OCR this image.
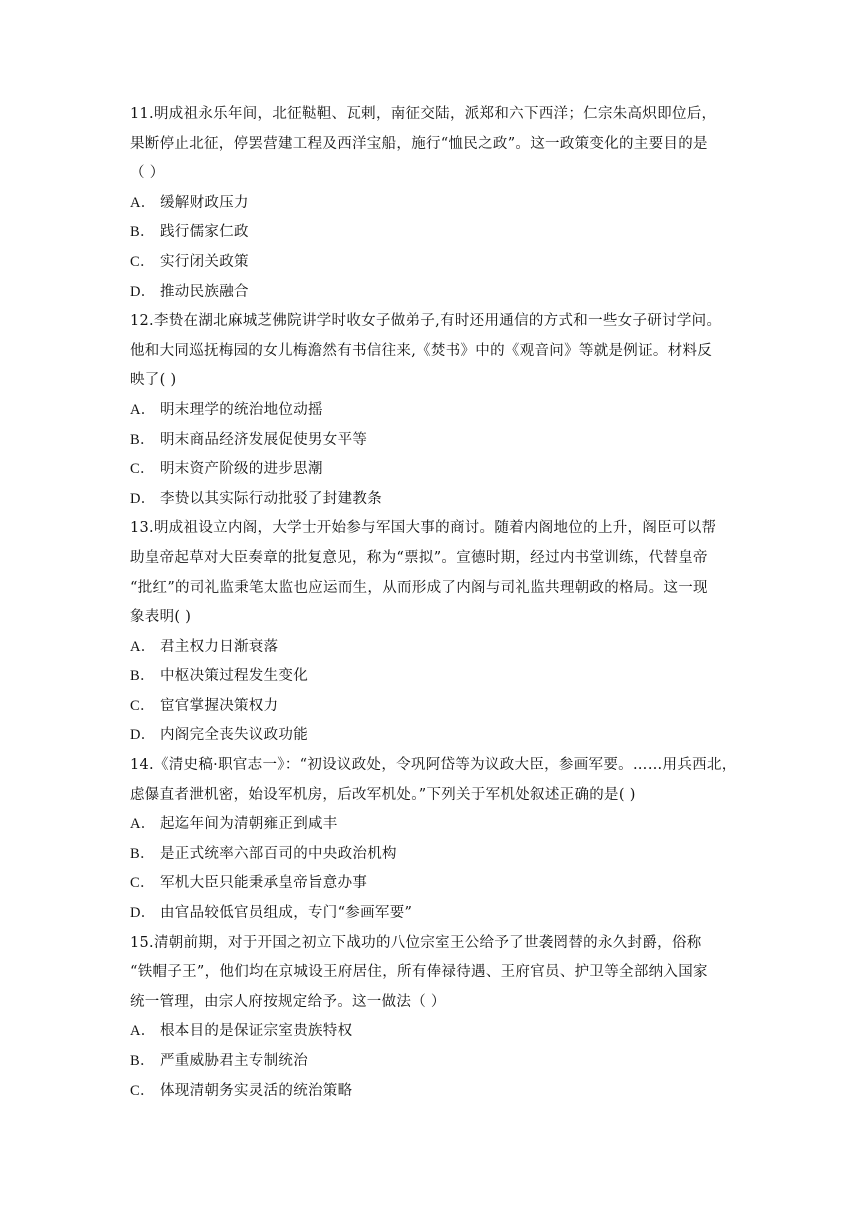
11.明成祖永乐年间，北征鞑靼、瓦剌，南征交陆，派郑和六下西洋；仁宗朱高炽即位后，
果断停止北征，停罢营建工程及西洋宝船，施行“恤民之政”。这一政策变化的主要目的是
（ ）
A． 缓解财政压力
B． 践行儒家仁政
C． 实行闭关政策
D． 推动民族融合
12.李贽在湖北麻城芝佛院讲学时收女子做弟子,有时还用通信的方式和一些女子研讨学问。
他和大同巡抚梅园的女儿梅澹然有书信往来,《焚书》中的《观音问》等就是例证。材料反
映了( )
A． 明末理学的统治地位动摇
B． 明末商品经济发展促使男女平等
C． 明末资产阶级的进步思潮
D． 李贽以其实际行动批驳了封建教条
13.明成祖设立内阁，大学士开始参与军国大事的商讨。随着内阁地位的上升，阁臣可以帮
助皇帝起草对大臣奏章的批复意见，称为“票拟”。宣德时期，经过内书堂训练，代替皇帝
“批红”的司礼监秉笔太监也应运而生，从而形成了内阁与司礼监共理朝政的格局。这一现
象表明( )
A． 君主权力日渐衰落
B． 中枢决策过程发生变化
C． 宦官掌握决策权力
D． 内阁完全丧失议政功能
14.《清史稿·职官志一》：“初设议政处，令巩阿岱等为议政大臣，参画军要。……用兵西北，
虑儤直者泄机密，始设军机房，后改军机处。”下列关于军机处叙述正确的是( )
A． 起迄年间为清朝雍正到咸丰
B． 是正式统率六部百司的中央政治机构
C． 军机大臣只能秉承皇帝旨意办事
D． 由官品较低官员组成，专门“参画军要”
15.清朝前期，对于开国之初立下战功的八位宗室王公给予了世袭罔替的永久封爵，俗称
“铁帽子王”，他们均在京城设王府居住，所有俸禄待遇、王府官员、护卫等全部纳入国家
统一管理，由宗人府按规定给予。这一做法（ ）
A． 根本目的是保证宗室贵族特权
B． 严重威胁君主专制统治
C． 体现清朝务实灵活的统治策略
